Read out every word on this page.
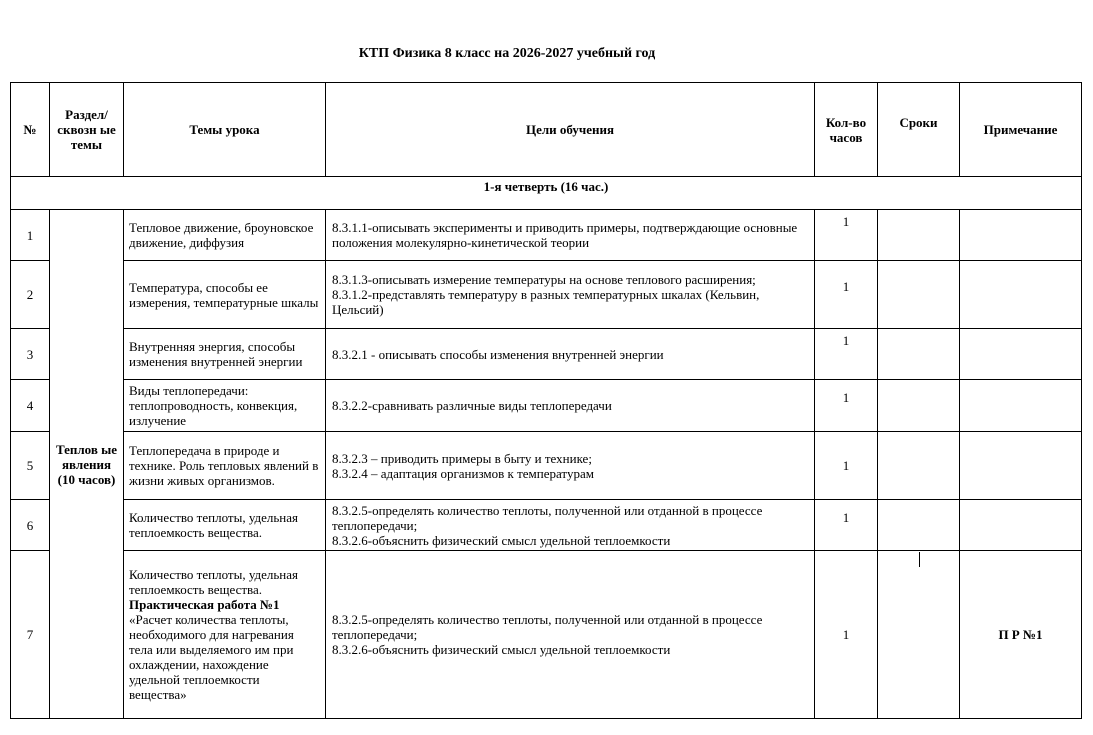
КТП Физика 8 класс на 2026-2027 учебный год
№	Раздел/ сквозн ые темы	Темы урока	Цели обучения	Кол-во часов	Сроки	Примечание
1-я четверть (16 час.)						
1	Теплов ые явления (10 часов)	Тепловое движение, броуновское движение, диффузия	8.3.1.1-описывать эксперименты и приводить примеры, подтверждающие основные положения молекулярно-кинетической теории	1		
2		Температура, способы ее измерения, температурные шкалы	8.3.1.3-описывать измерение температуры на основе теплового расширения;
8.3.1.2-представлять температуру в разных температурных шкалах (Кельвин, Цельсий)	1		
3		Внутренняя энергия, способы изменения внутренней энергии	8.3.2.1 - описывать способы изменения внутренней энергии	1		
4		Виды теплопередачи: теплопроводность, конвекция, излучение	8.3.2.2-сравнивать различные виды теплопередачи	1		
5		Теплопередача в природе и технике. Роль тепловых явлений в жизни живых организмов.	8.3.2.3 – приводить примеры в быту и технике;
8.3.2.4 – адаптация организмов к температурам	1		
6		Количество теплоты, удельная теплоемкость вещества.	8.3.2.5-определять количество теплоты, полученной или отданной в процессе теплопередачи;
8.3.2.6-объяснить физический смысл удельной теплоемкости	1		
7		Количество теплоты, удельная теплоемкость вещества. Практическая работа №1 «Расчет количества теплоты, необходимого для нагревания тела или выделяемого им при охлаждении, нахождение удельной теплоемкости вещества»	8.3.2.5-определять количество теплоты, полученной или отданной в процессе теплопередачи;
8.3.2.6-объяснить физический смысл удельной теплоемкости	1		П Р №1
